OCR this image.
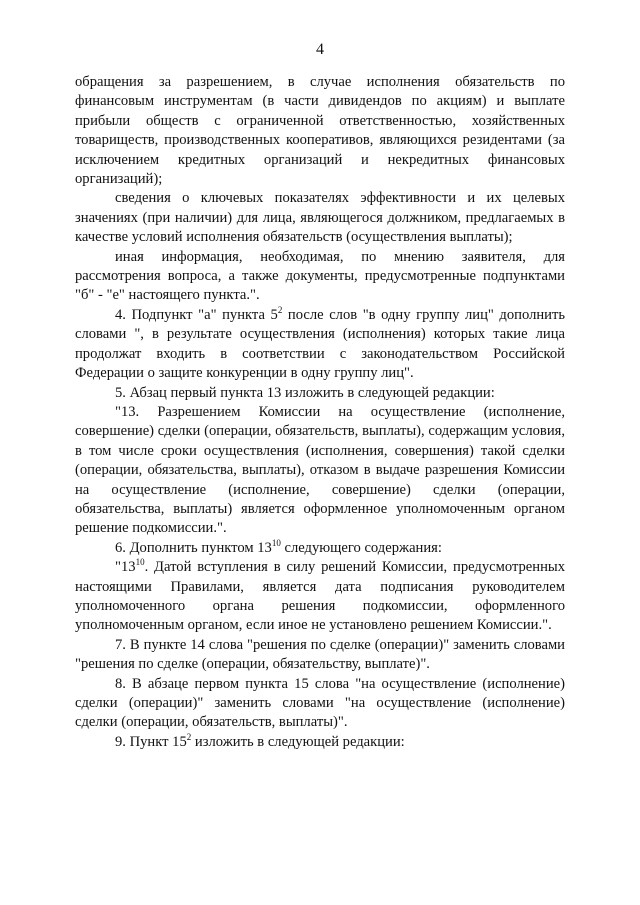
4

обращения за разрешением, в случае исполнения обязательств по финансовым инструментам (в части дивидендов по акциям) и выплате прибыли обществ с ограниченной ответственностью, хозяйственных товариществ, производственных кооперативов, являющихся резидентами (за исключением кредитных организаций и некредитных финансовых организаций);

сведения о ключевых показателях эффективности и их целевых значениях (при наличии) для лица, являющегося должником, предлагаемых в качестве условий исполнения обязательств (осуществления выплаты);

иная информация, необходимая, по мнению заявителя, для рассмотрения вопроса, а также документы, предусмотренные подпунктами "б" - "е" настоящего пункта.".

4. Подпункт "а" пункта $5^2$ после слов "в одну группу лиц" дополнить словами ", в результате осуществления (исполнения) которых такие лица продолжат входить в соответствии с законодательством Российской Федерации о защите конкуренции в одну группу лиц".

5. Абзац первый пункта 13 изложить в следующей редакции:

"13. Разрешением Комиссии на осуществление (исполнение, совершение) сделки (операции, обязательств, выплаты), содержащим условия, в том числе сроки осуществления (исполнения, совершения) такой сделки (операции, обязательства, выплаты), отказом в выдаче разрешения Комиссии на осуществление (исполнение, совершение) сделки (операции, обязательства, выплаты) является оформленное уполномоченным органом решение подкомиссии.".

6. Дополнить пунктом $13^{10}$ следующего содержания:

"$13^{10}$. Датой вступления в силу решений Комиссии, предусмотренных настоящими Правилами, является дата подписания руководителем уполномоченного органа решения подкомиссии, оформленного уполномоченным органом, если иное не установлено решением Комиссии.".

7. В пункте 14 слова "решения по сделке (операции)" заменить словами "решения по сделке (операции, обязательству, выплате)".

8. В абзаце первом пункта 15 слова "на осуществление (исполнение) сделки (операции)" заменить словами "на осуществление (исполнение) сделки (операции, обязательств, выплаты)".

9. Пункт $15^2$ изложить в следующей редакции:
